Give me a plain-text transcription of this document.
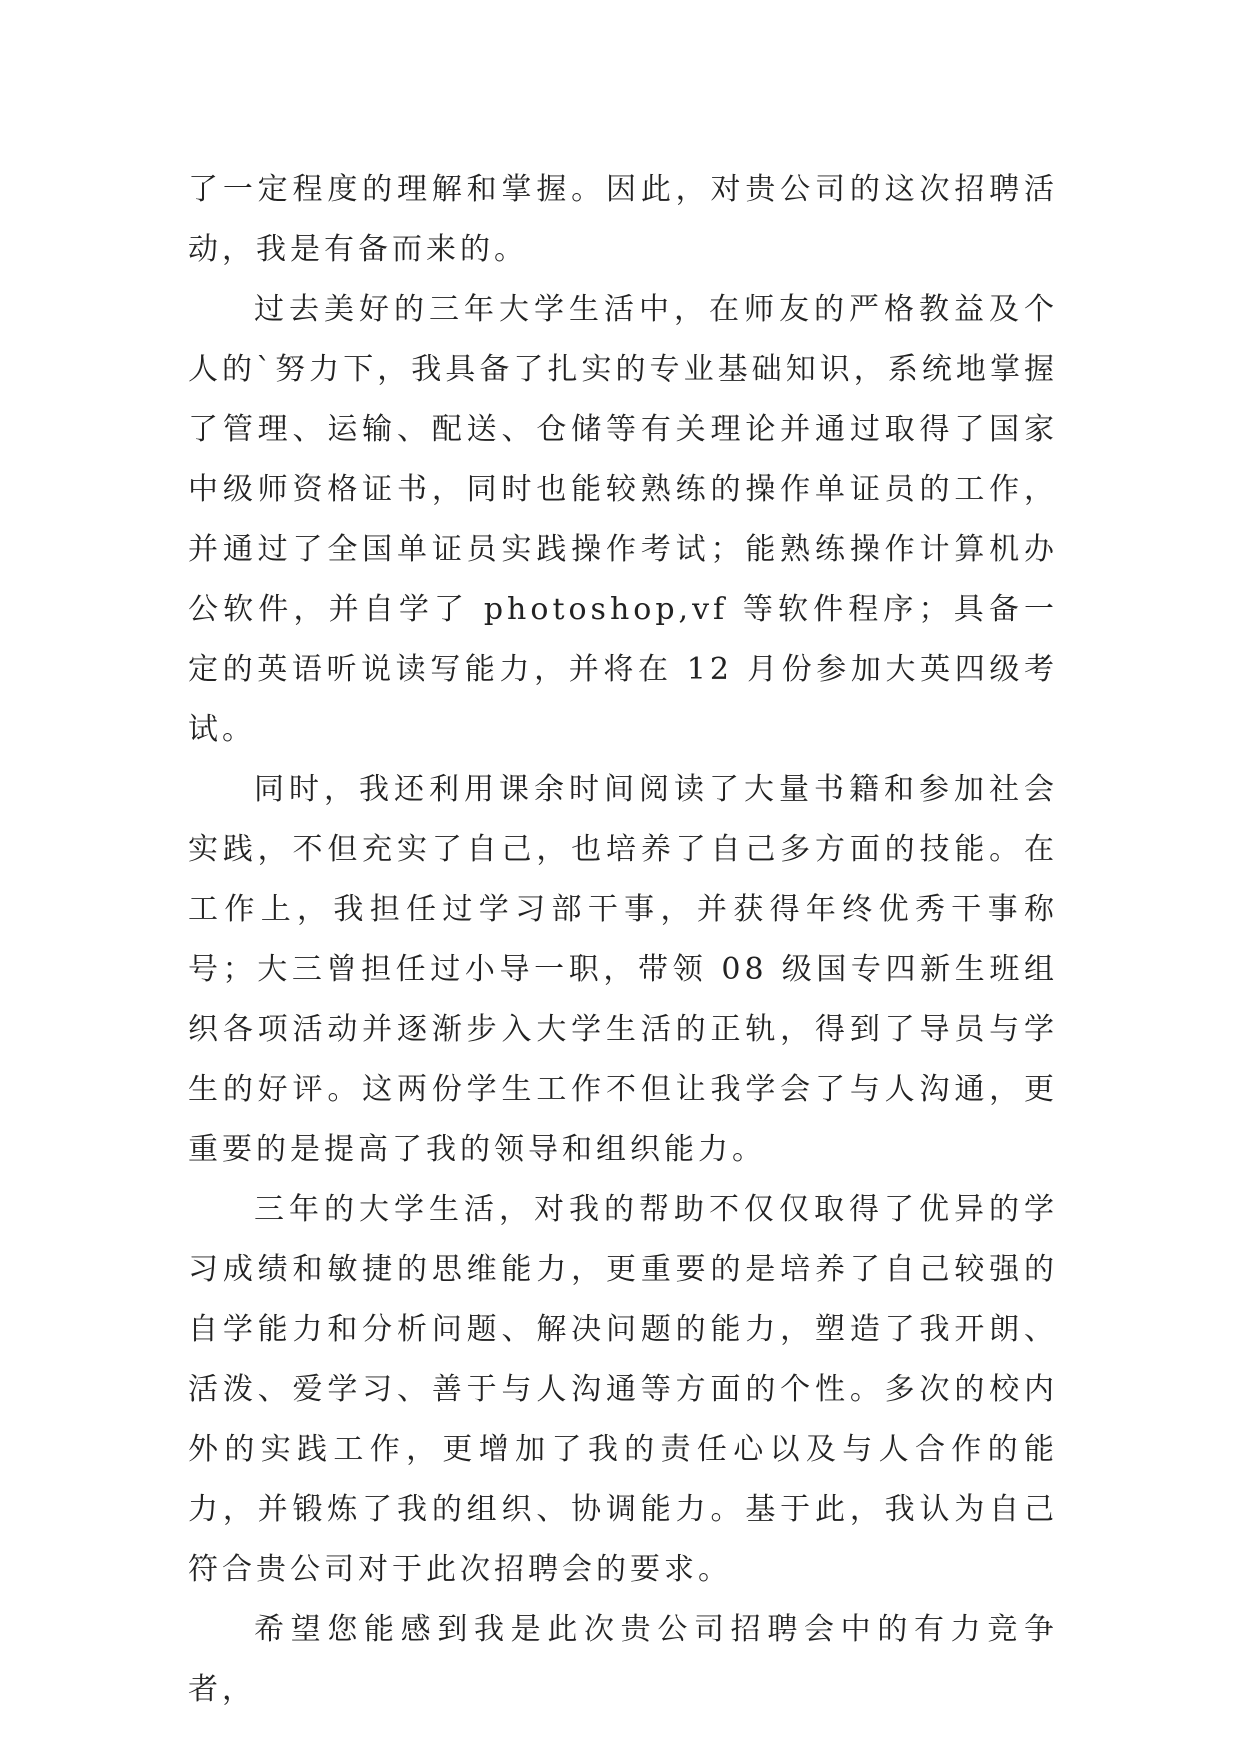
了一定程度的理解和掌握。因此，对贵公司的这次招聘活动，我是有备而来的。

过去美好的三年大学生活中，在师友的严格教益及个人的`努力下，我具备了扎实的专业基础知识，系统地掌握了管理、运输、配送、仓储等有关理论并通过取得了国家中级师资格证书，同时也能较熟练的操作单证员的工作，并通过了全国单证员实践操作考试；能熟练操作计算机办公软件，并自学了 photoshop,vf 等软件程序；具备一定的英语听说读写能力，并将在 12 月份参加大英四级考试。

同时，我还利用课余时间阅读了大量书籍和参加社会实践，不但充实了自己，也培养了自己多方面的技能。在工作上，我担任过学习部干事，并获得年终优秀干事称号；大三曾担任过小导一职，带领 08 级国专四新生班组织各项活动并逐渐步入大学生活的正轨，得到了导员与学生的好评。这两份学生工作不但让我学会了与人沟通，更重要的是提高了我的领导和组织能力。

三年的大学生活，对我的帮助不仅仅取得了优异的学习成绩和敏捷的思维能力，更重要的是培养了自己较强的自学能力和分析问题、解决问题的能力，塑造了我开朗、活泼、爱学习、善于与人沟通等方面的个性。多次的校内外的实践工作，更增加了我的责任心以及与人合作的能力，并锻炼了我的组织、协调能力。基于此，我认为自己符合贵公司对于此次招聘会的要求。

希望您能感到我是此次贵公司招聘会中的有力竞争者，
